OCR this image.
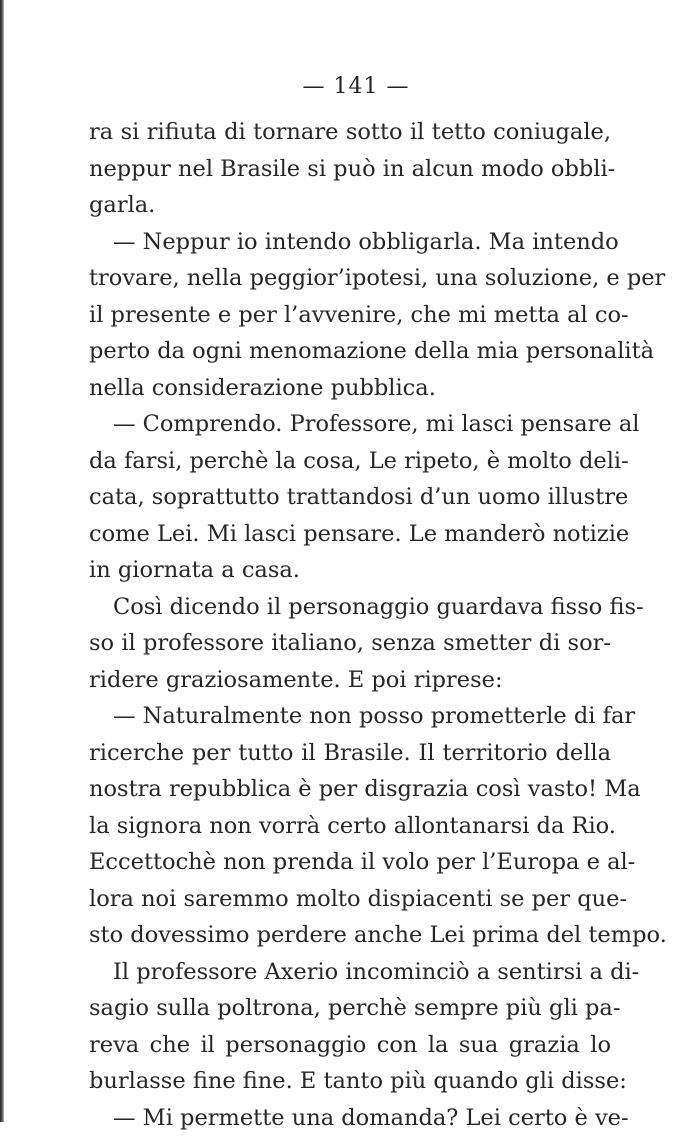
— 141 —
ra si rifiuta di tornare sotto il tetto coniugale,
neppur nel Brasile si può in alcun modo obbli-
garla.
— Neppur io intendo obbligarla. Ma intendo
trovare, nella peggior’ipotesi, una soluzione, e per
il presente e per l’avvenire, che mi metta al co-
perto da ogni menomazione della mia personalità
nella considerazione pubblica.
— Comprendo. Professore, mi lasci pensare al
da farsi, perchè la cosa, Le ripeto, è molto deli-
cata, soprattutto trattandosi d’un uomo illustre
come Lei. Mi lasci pensare. Le manderò notizie
in giornata a casa.
Così dicendo il personaggio guardava fisso fis-
so il professore italiano, senza smetter di sor-
ridere graziosamente. E poi riprese:
— Naturalmente non posso prometterle di far
ricerche per tutto il Brasile. Il territorio della
nostra repubblica è per disgrazia così vasto! Ma
la signora non vorrà certo allontanarsi da Rio.
Eccettochè non prenda il volo per l’Europa e al-
lora noi saremmo molto dispiacenti se per que-
sto dovessimo perdere anche Lei prima del tempo.
Il professore Axerio incominciò a sentirsi a di-
sagio sulla poltrona, perchè sempre più gli pa-
reva che il personaggio con la sua grazia lo
burlasse fine fine. E tanto più quando gli disse:
— Mi permette una domanda? Lei certo è ve-
